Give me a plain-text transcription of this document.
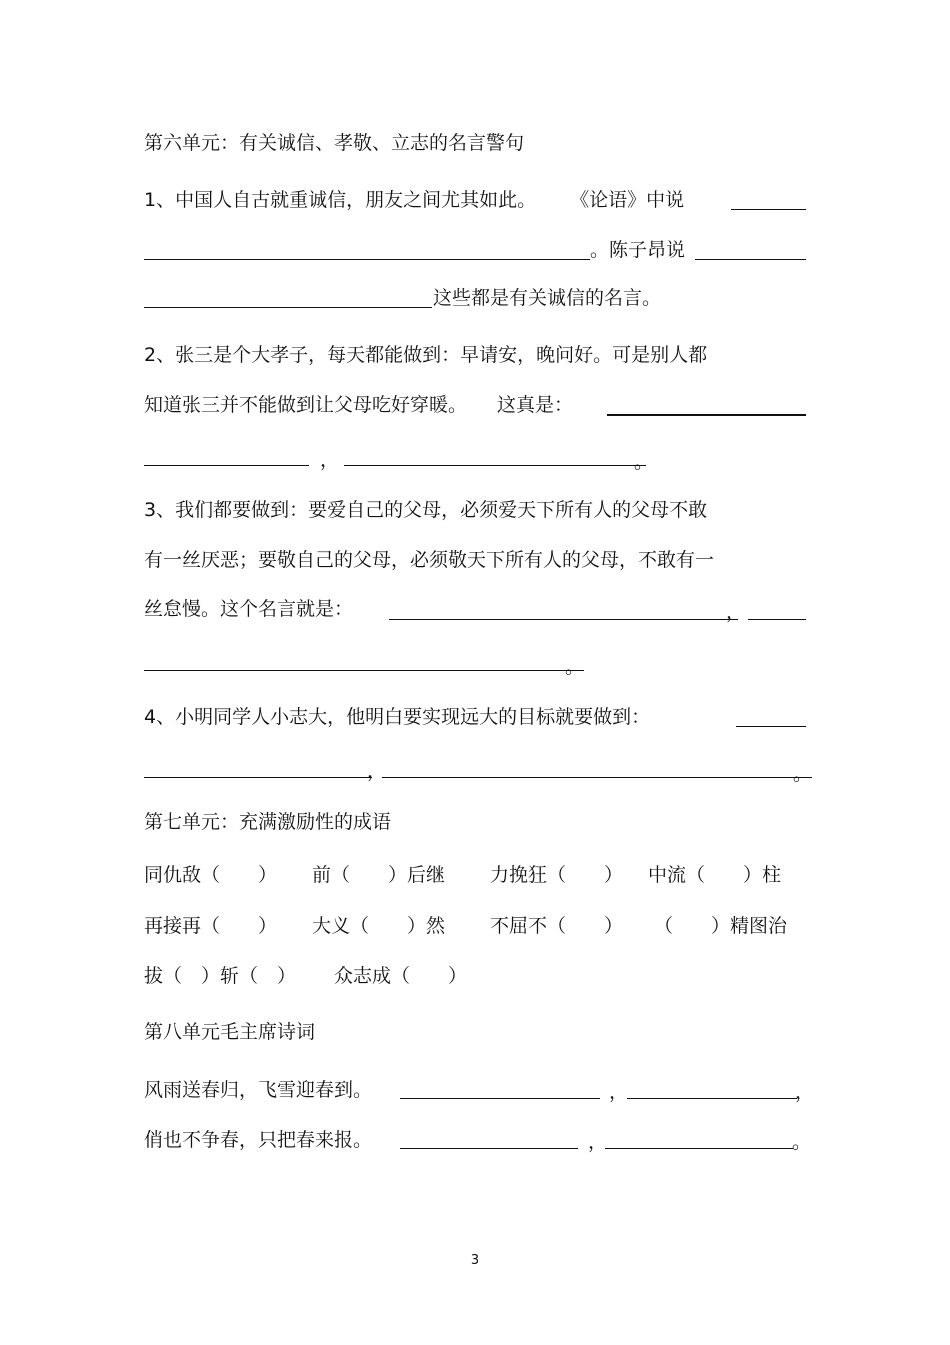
第六单元：有关诚信、孝敬、立志的名言警句
1、中国人自古就重诚信，朋友之间尤其如此。 《论语》中说
。陈子昂说
这些都是有关诚信的名言。
2、张三是个大孝子，每天都能做到：早请安，晚问好。可是别人都
知道张三并不能做到让父母吃好穿暖。 这真是：
，	。
3、我们都要做到：要爱自己的父母，必须爱天下所有人的父母不敢
有一丝厌恶；要敬自己的父母，必须敬天下所有人的父母，不敢有一
丝怠慢。这个名言就是：	，
。
4、小明同学人小志大，他明白要实现远大的目标就要做到：
，	。
第七单元：充满激励性的成语
同仇敌（　　） 前（　　）后继 力挽狂（　　） 中流（　　）柱
再接再（　　） 大义（　　）然 不屈不（　　） （　　）精图治
拔（　）斩（　） 众志成（　　）
第八单元毛主席诗词
风雨送春归，飞雪迎春到。	，	，
俏也不争春，只把春来报。	，	。
3
